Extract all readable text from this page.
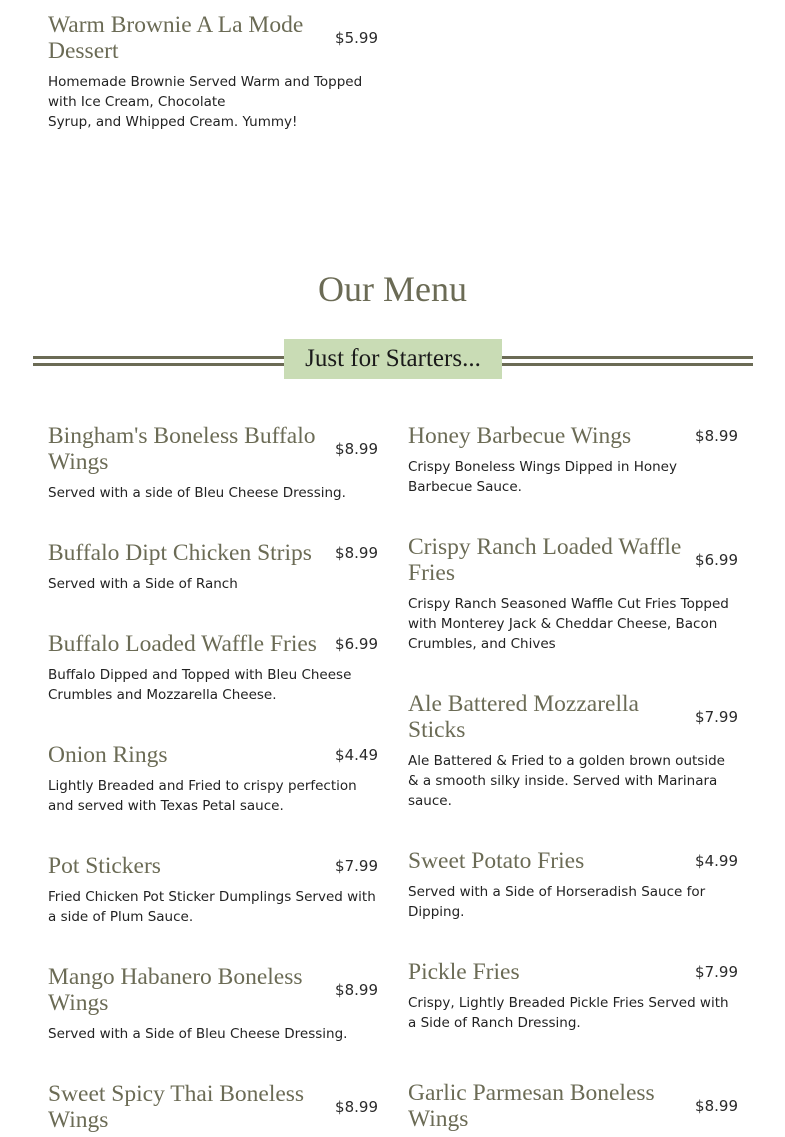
Warm Brownie A La Mode Dessert	$5.99
Homemade Brownie Served Warm and Topped with Ice Cream, Chocolate
Syrup, and Whipped Cream. Yummy!
Our Menu
Just for Starters...
Bingham's Boneless Buffalo Wings	$8.99
Served with a side of Bleu Cheese Dressing.
Buffalo Dipt Chicken Strips	$8.99
Served with a Side of Ranch
Buffalo Loaded Waffle Fries	$6.99
Buffalo Dipped and Topped with Bleu Cheese Crumbles and Mozzarella Cheese.
Onion Rings	$4.49
Lightly Breaded and Fried to crispy perfection and served with Texas Petal sauce.
Pot Stickers	$7.99
Fried Chicken Pot Sticker Dumplings Served with a side of Plum Sauce.
Mango Habanero Boneless Wings	$8.99
Served with a Side of Bleu Cheese Dressing.
Sweet Spicy Thai Boneless Wings	$8.99
Honey Barbecue Wings	$8.99
Crispy Boneless Wings Dipped in Honey Barbecue Sauce.
Crispy Ranch Loaded Waffle Fries	$6.99
Crispy Ranch Seasoned Waffle Cut Fries Topped with Monterey Jack & Cheddar Cheese, Bacon Crumbles, and Chives
Ale Battered Mozzarella Sticks	$7.99
Ale Battered & Fried to a golden brown outside & a smooth silky inside. Served with Marinara sauce.
Sweet Potato Fries	$4.99
Served with a Side of Horseradish Sauce for Dipping.
Pickle Fries	$7.99
Crispy, Lightly Breaded Pickle Fries Served with a Side of Ranch Dressing.
Garlic Parmesan Boneless Wings	$8.99
